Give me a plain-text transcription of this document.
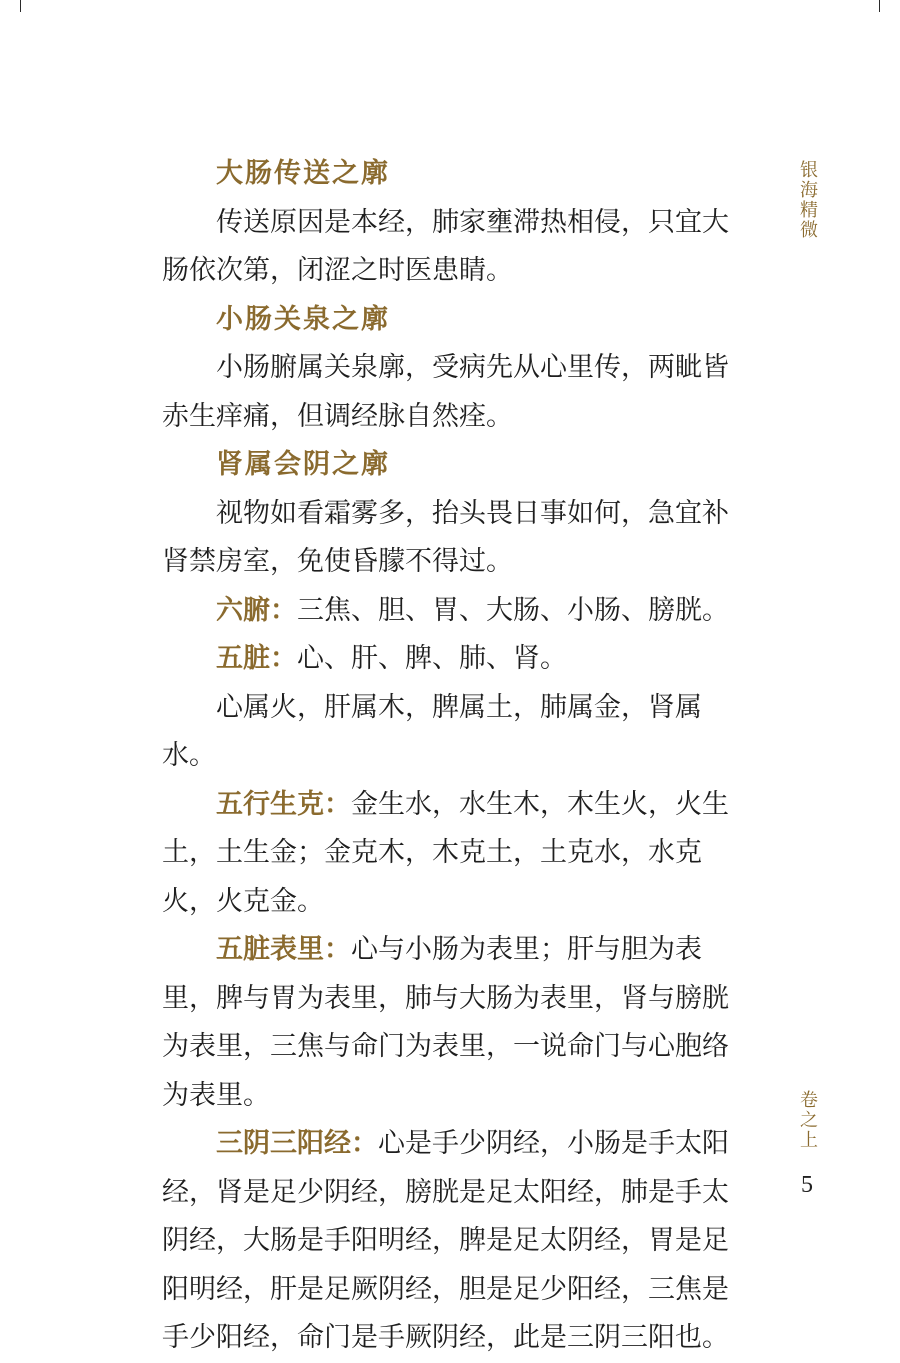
银海精微
卷之上
5

大肠传送之廓

传送原因是本经，肺家壅滞热相侵，只宜大肠依次第，闭涩之时医患睛。

小肠关泉之廓

小肠腑属关泉廓，受病先从心里传，两眦皆赤生痒痛，但调经脉自然痊。

肾属会阴之廓

视物如看霜雾多，抬头畏日事如何，急宜补肾禁房室，免使昏朦不得过。

六腑：三焦、胆、胃、大肠、小肠、膀胱。

五脏：心、肝、脾、肺、肾。

心属火，肝属木，脾属土，肺属金，肾属水。

五行生克：金生水，水生木，木生火，火生土，土生金；金克木，木克土，土克水，水克火，火克金。

五脏表里：心与小肠为表里；肝与胆为表里，脾与胃为表里，肺与大肠为表里，肾与膀胱为表里，三焦与命门为表里，一说命门与心胞络为表里。

三阴三阳经：心是手少阴经，小肠是手太阳经，肾是足少阴经，膀胱是足太阳经，肺是手太阴经，大肠是手阳明经，脾是足太阴经，胃是足阳明经，肝是足厥阴经，胆是足少阳经，三焦是手少阳经，命门是手厥阴经，此是三阴三阳也。
